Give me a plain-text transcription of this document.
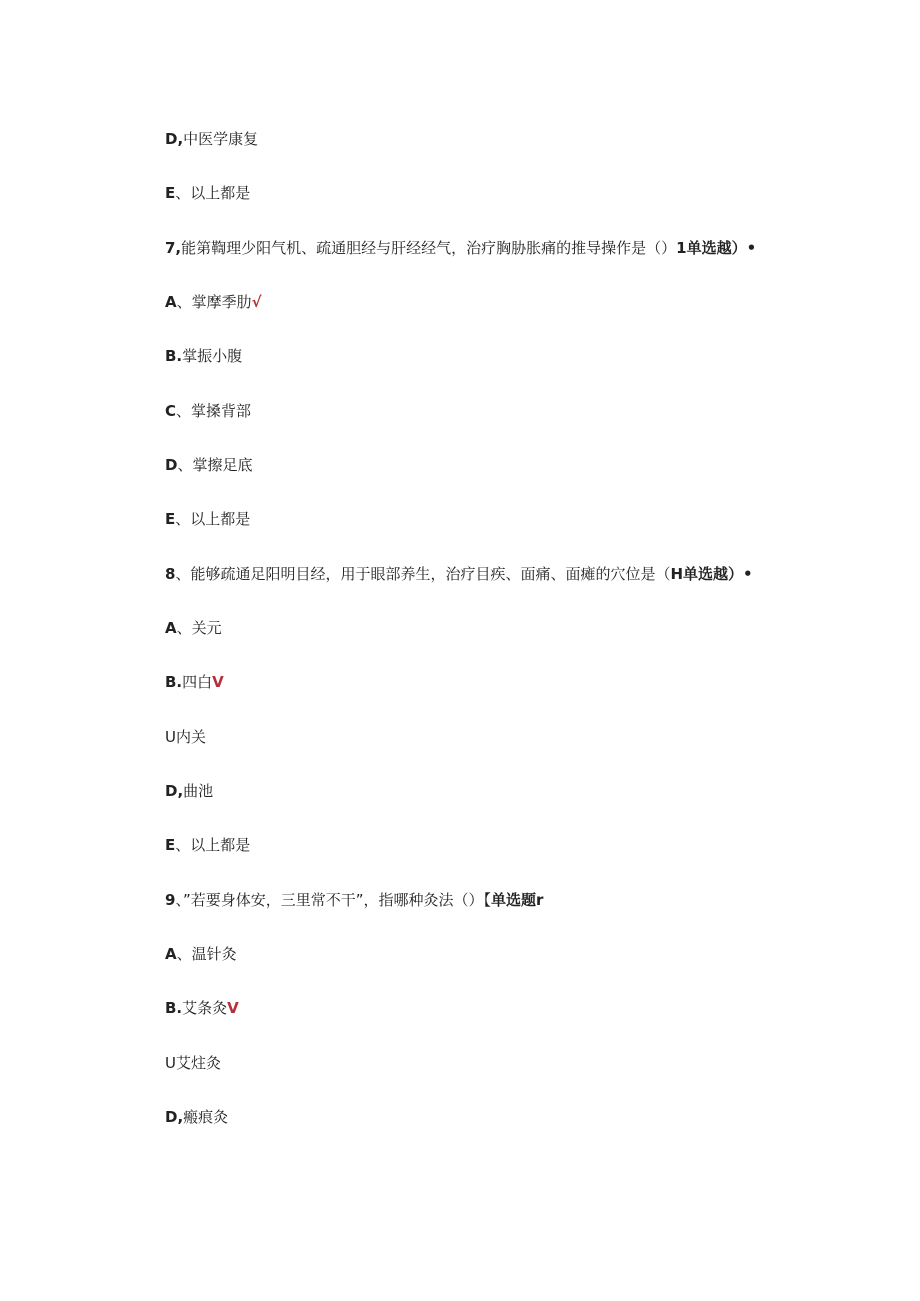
D,中医学康复
E、以上都是
7,能第鞫理少阳气机、疏通胆经与肝经经气，治疗胸胁胀痛的推导操作是（）1单选越）•
A、掌摩季肋√
B.掌振小腹
C、掌搡背部
D、掌擦足底
E、以上都是
8、能够疏通足阳明目经，用于眼部养生，治疗目疾、面痛、面瘫的穴位是（H单选越）•
A、关元
B.四白V
U内关
D,曲池
E、以上都是
9、”若要身体安，三里常不干”，指哪种灸法（）【单选题r
A、温针灸
B.艾条灸V
U艾炷灸
D,瘢痕灸
